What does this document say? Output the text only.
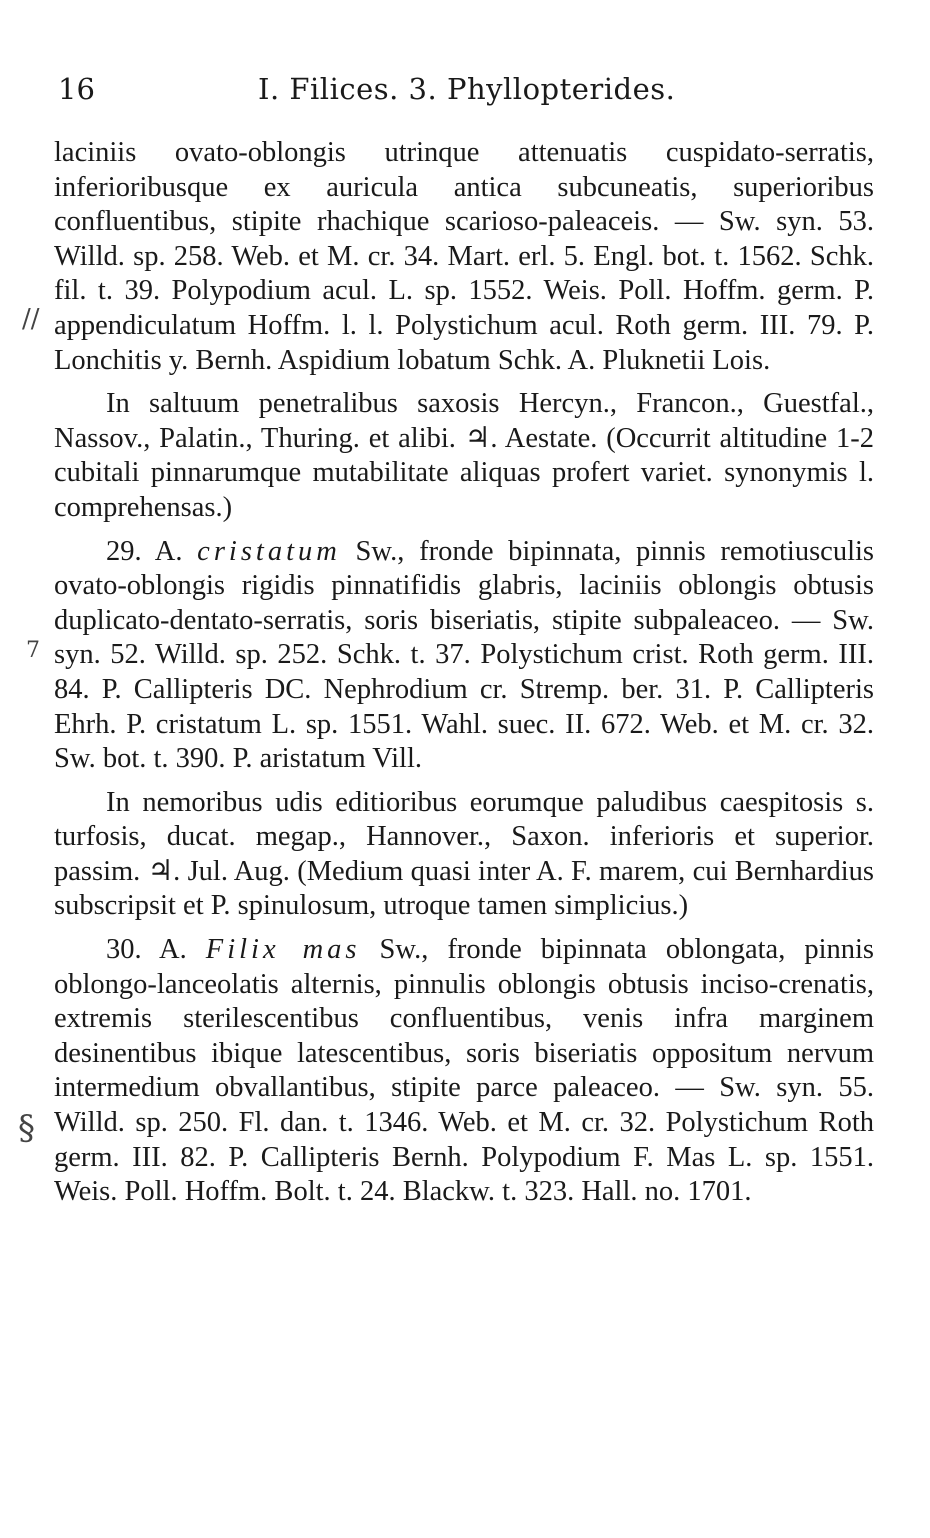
16	I. Filices. 3. Phyllopterides.
//
7
§

laciniis ovato-oblongis utrinque attenuatis cuspidato-serratis, inferioribusque ex auricula antica subcuneatis, superioribus confluentibus, stipite rhachique scarioso-paleaceis. — Sw. syn. 53. Willd. sp. 258. Web. et M. cr. 34. Mart. erl. 5. Engl. bot. t. 1562. Schk. fil. t. 39. Polypodium acul. L. sp. 1552. Weis. Poll. Hoffm. germ. P. appendiculatum Hoffm. l. l. Polystichum acul. Roth germ. III. 79. P. Lonchitis y. Bernh. Aspidium lobatum Schk. A. Pluknetii Lois.

In saltuum penetralibus saxosis Hercyn., Francon., Guestfal., Nassov., Palatin., Thuring. et alibi. ♃. Aestate. (Occurrit altitudine 1-2 cubitali pinnarumque mutabilitate aliquas profert variet. synonymis l. comprehensas.)

29. A. cristatum Sw., fronde bipinnata, pinnis remotiusculis ovato-oblongis rigidis pinnatifidis glabris, laciniis oblongis obtusis duplicato-dentato-serratis, soris biseriatis, stipite subpaleaceo. — Sw. syn. 52. Willd. sp. 252. Schk. t. 37. Polystichum crist. Roth germ. III. 84. P. Callipteris DC. Nephrodium cr. Stremp. ber. 31. P. Callipteris Ehrh. P. cristatum L. sp. 1551. Wahl. suec. II. 672. Web. et M. cr. 32. Sw. bot. t. 390. P. aristatum Vill.

In nemoribus udis editioribus eorumque paludibus caespitosis s. turfosis, ducat. megap., Hannover., Saxon. inferioris et superior. passim. ♃. Jul. Aug. (Medium quasi inter A. F. marem, cui Bernhardius subscripsit et P. spinulosum, utroque tamen simplicius.)

30. A. Filix mas Sw., fronde bipinnata oblongata, pinnis oblongo-lanceolatis alternis, pinnulis oblongis obtusis inciso-crenatis, extremis sterilescentibus confluentibus, venis infra marginem desinentibus ibique latescentibus, soris biseriatis oppositum nervum intermedium obvallantibus, stipite parce paleaceo. — Sw. syn. 55. Willd. sp. 250. Fl. dan. t. 1346. Web. et M. cr. 32. Polystichum Roth germ. III. 82. P. Callipteris Bernh. Polypodium F. Mas L. sp. 1551. Weis. Poll. Hoffm. Bolt. t. 24. Blackw. t. 323. Hall. no. 1701.
